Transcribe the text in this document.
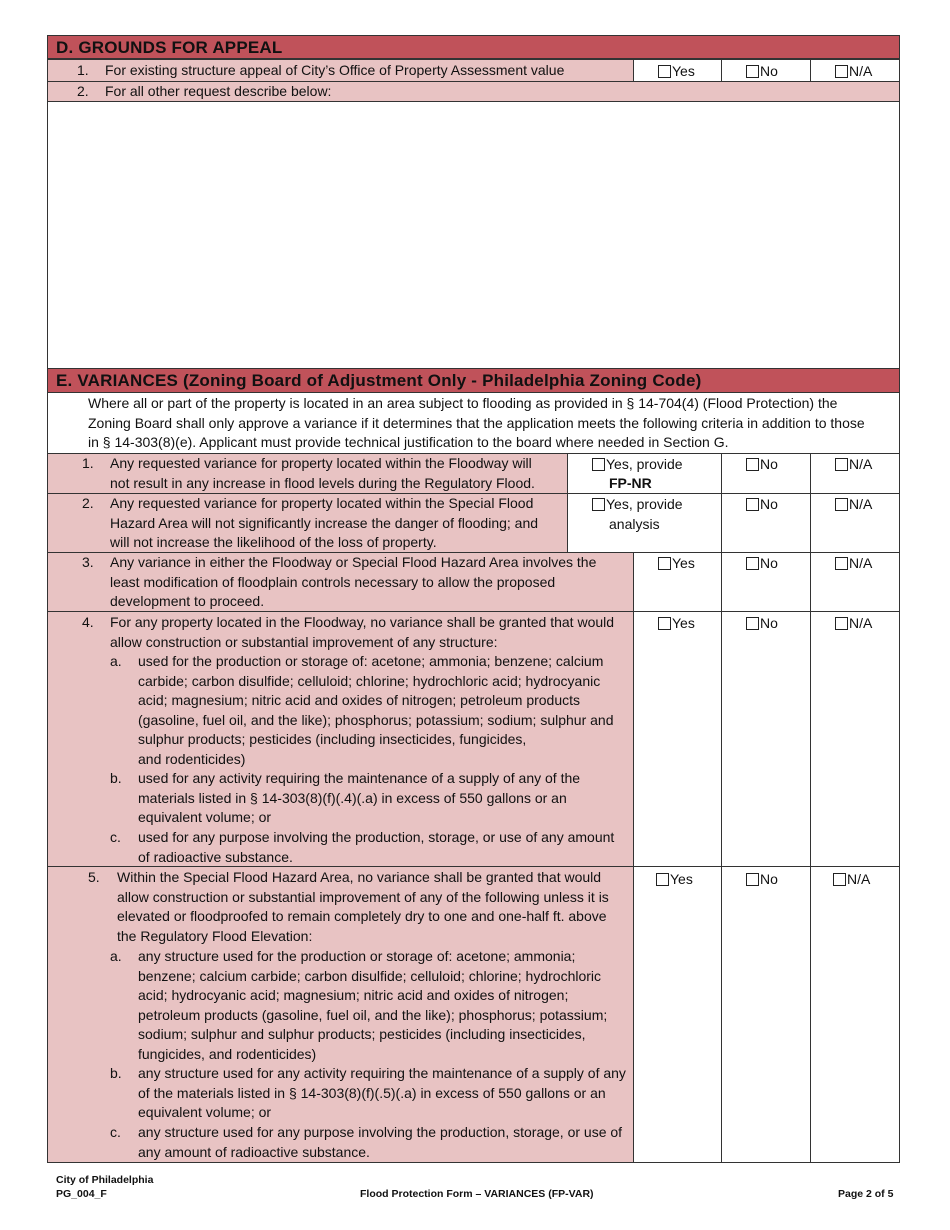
D. GROUNDS FOR APPEAL
1. For existing structure appeal of City’s Office of Property Assessment value	Yes	No	N/A
2. For all other request describe below:
E. VARIANCES (Zoning Board of Adjustment Only - Philadelphia Zoning Code)
Where all or part of the property is located in an area subject to flooding as provided in § 14-704(4) (Flood Protection) the
Zoning Board shall only approve a variance if it determines that the application meets the following criteria in addition to those
in § 14-303(8)(e). Applicant must provide technical justification to the board where needed in Section G.
1. Any requested variance for property located within the Floodway will
not result in any increase in flood levels during the Regulatory Flood.
Yes, provide
FP-NR
No	N/A
2. Any requested variance for property located within the Special Flood
Hazard Area will not significantly increase the danger of flooding; and
will not increase the likelihood of the loss of property.
Yes, provide
analysis
No	N/A
3. Any variance in either the Floodway or Special Flood Hazard Area involves the
least modification of floodplain controls necessary to allow the proposed
development to proceed.
Yes	No	N/A
4. For any property located in the Floodway, no variance shall be granted that would
allow construction or substantial improvement of any structure:
a. used for the production or storage of: acetone; ammonia; benzene; calcium
carbide; carbon disulfide; celluloid; chlorine; hydrochloric acid; hydrocyanic
acid; magnesium; nitric acid and oxides of nitrogen; petroleum products
(gasoline, fuel oil, and the like); phosphorus; potassium; sodium; sulphur and
sulphur products; pesticides (including insecticides, fungicides,
and rodenticides)
b. used for any activity requiring the maintenance of a supply of any of the
materials listed in § 14-303(8)(f)(.4)(.a) in excess of 550 gallons or an
equivalent volume; or
c. used for any purpose involving the production, storage, or use of any amount
of radioactive substance.
Yes	No	N/A
5. Within the Special Flood Hazard Area, no variance shall be granted that would
allow construction or substantial improvement of any of the following unless it is
elevated or floodproofed to remain completely dry to one and one-half ft. above
the Regulatory Flood Elevation:
a. any structure used for the production or storage of: acetone; ammonia;
benzene; calcium carbide; carbon disulfide; celluloid; chlorine; hydrochloric
acid; hydrocyanic acid; magnesium; nitric acid and oxides of nitrogen;
petroleum products (gasoline, fuel oil, and the like); phosphorus; potassium;
sodium; sulphur and sulphur products; pesticides (including insecticides,
fungicides, and rodenticides)
b. any structure used for any activity requiring the maintenance of a supply of any
of the materials listed in § 14-303(8)(f)(.5)(.a) in excess of 550 gallons or an
equivalent volume; or
c. any structure used for any purpose involving the production, storage, or use of
any amount of radioactive substance.
Yes	No	N/A
City of Philadelphia
PG_004_F	Flood Protection Form – VARIANCES (FP-VAR)	Page 2 of 5
